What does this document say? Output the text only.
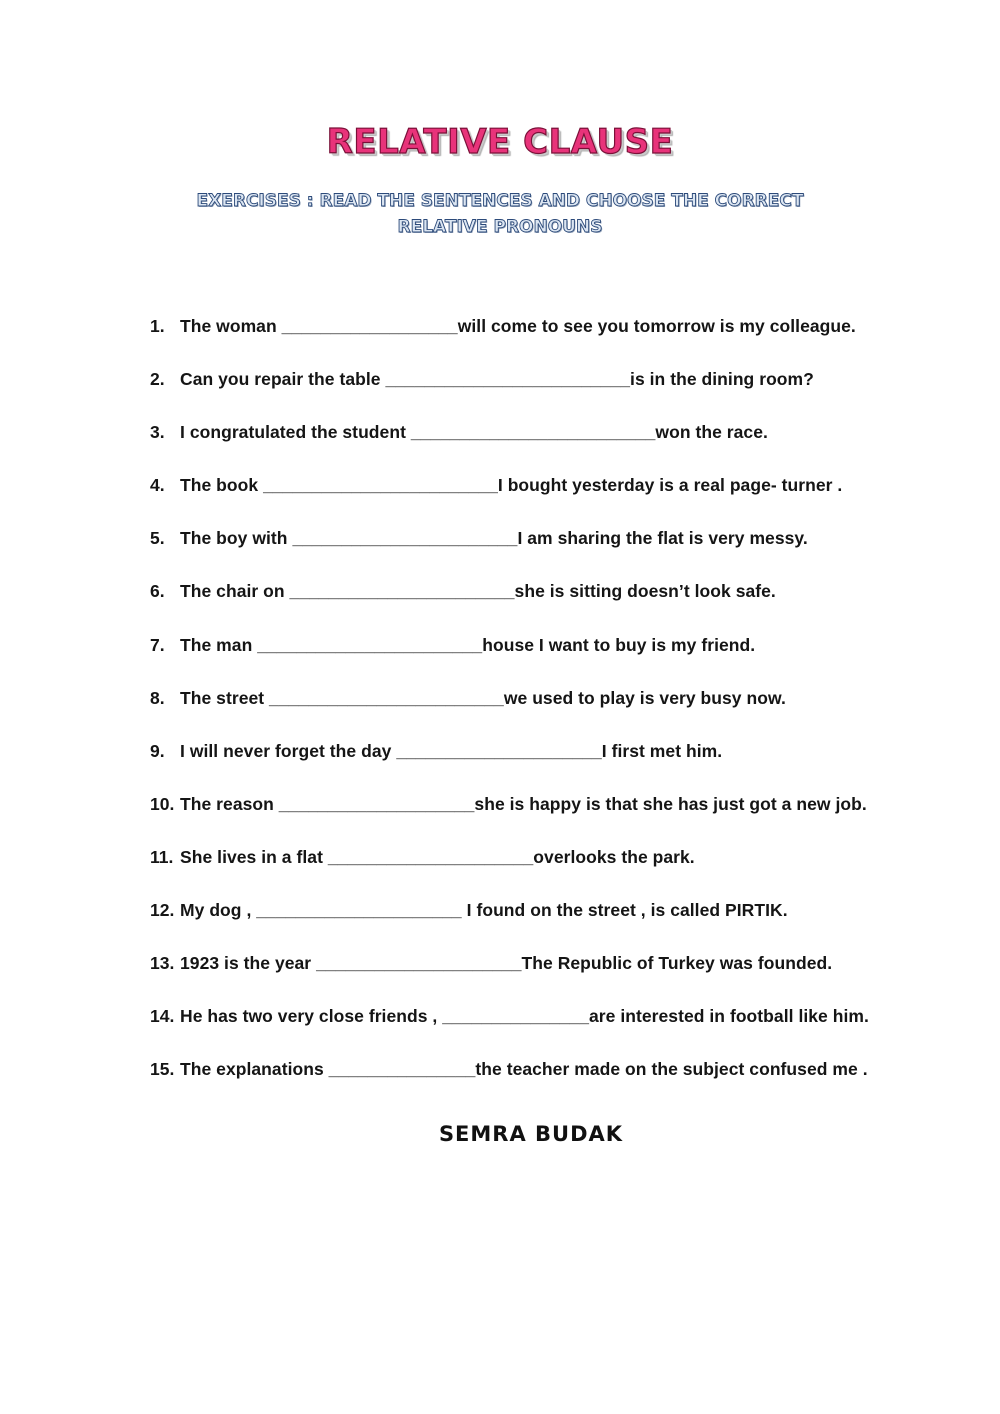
RELATIVE CLAUSE
EXERCISES : READ THE SENTENCES AND CHOOSE THE CORRECT
RELATIVE PRONOUNS
1. The woman __________________will come to see you tomorrow is my colleague.
2. Can you repair the table _________________________is in the dining room?
3. I congratulated the student _________________________won the race.
4. The book ________________________I bought yesterday is a real page- turner .
5. The boy with _______________________I am sharing the flat is very messy.
6. The chair on _______________________she is sitting doesn’t look safe.
7. The man _______________________house I want to buy is my friend.
8. The street ________________________we used to play is very busy now.
9. I will never forget the day _____________________I first met him.
10. The reason ____________________she is happy is that she has just got a new job.
11. She lives in a flat _____________________overlooks the park.
12. My dog , _____________________ I found on the street , is called PIRTIK.
13. 1923 is the year _____________________The Republic of Turkey was founded.
14. He has two very close friends , _______________are interested in football like him.
15. The explanations _______________the teacher made on the subject confused me .
SEMRA BUDAK
